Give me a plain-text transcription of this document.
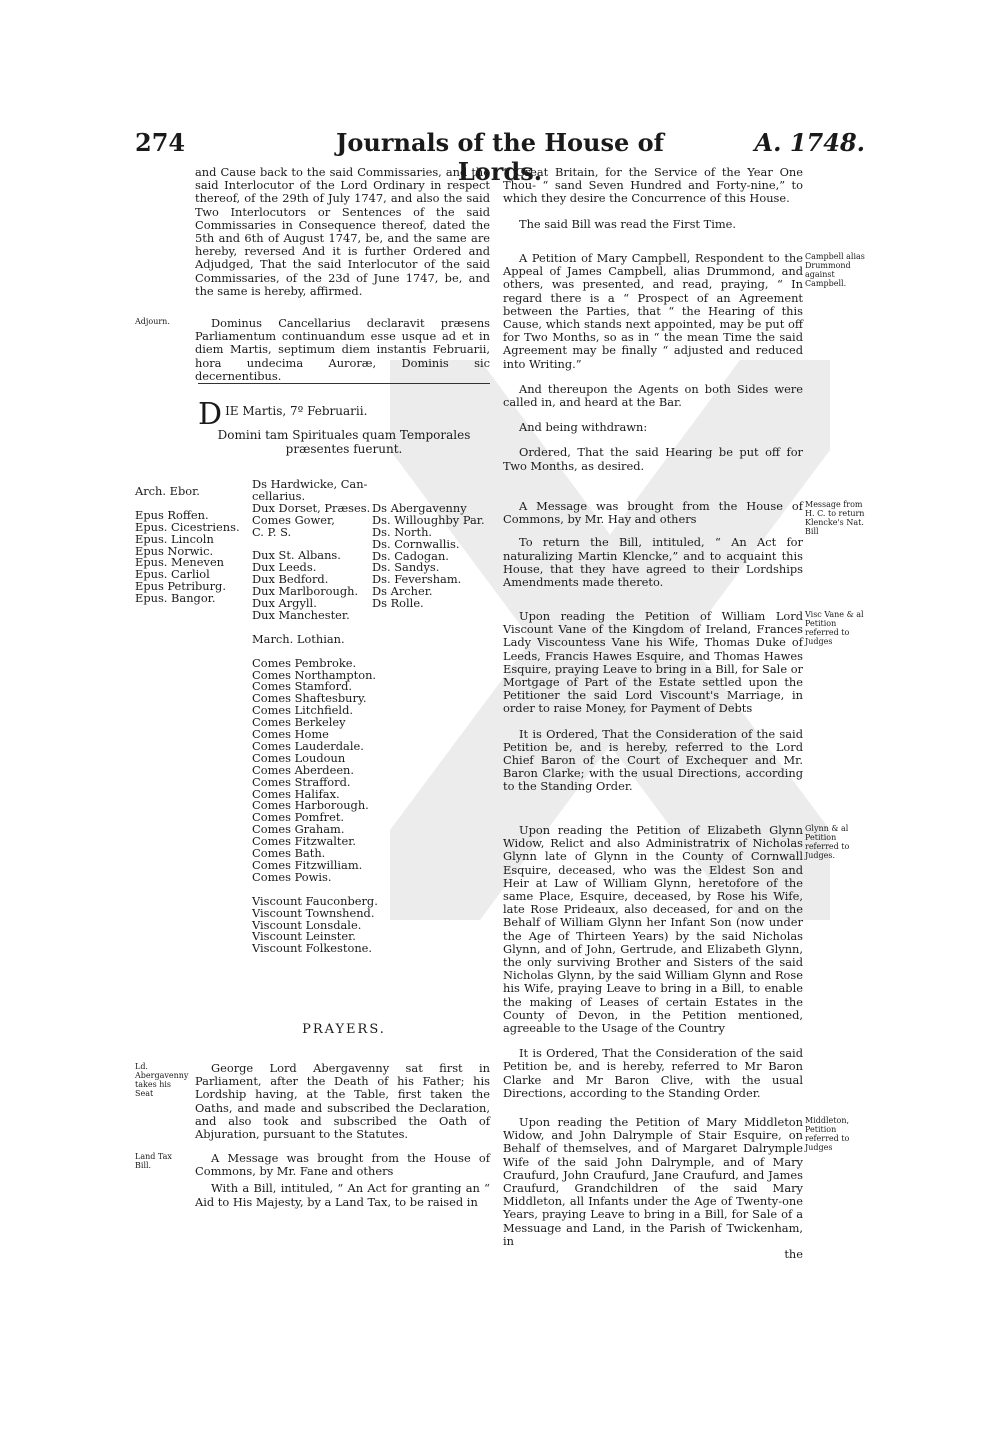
274	Journals of the House of Lords.
A. 1748.

and Cause back to the said Commissaries, and the said Interlocutor of the Lord Ordinary in respect thereof, of the 29th of July 1747, and also the said Two Interlocutors or Sentences of the said Commissaries in Consequence thereof, dated the 5th and 6th of August 1747, be, and the same are hereby, reversed And it is further Ordered and Adjudged, That the said Interlocutor of the said Commissaries, of the 23d of June 1747, be, and the same is hereby, affirmed.

Adjourn.	Dominus Cancellarius declaravit præsens Parliamentum continuandum esse usque ad et in diem Martis, septimum diem instantis Februarii, hora undecima Auroræ, Dominis sic decernentibus.

D IE Martis, 7º Februarii.
Domini tam Spirituales quam Temporales præsentes fuerunt.
Arch. Ebor.

Epus Roffen.
Epus. Cicestriens.
Epus. Lincoln
Epus Norwic.
Epus. Meneven
Epus. Carliol
Epus Petriburg.
Epus. Bangor.
Ds Hardwicke, Can-
cellarius.
Dux Dorset, Præses.
Comes Gower,
C. P. S.

Dux St. Albans.
Dux Leeds.
Dux Bedford.
Dux Marlborough.
Dux Argyll.
Dux Manchester.

March. Lothian.

Comes Pembroke.
Comes Northampton.
Comes Stamford.
Comes Shaftesbury.
Comes Litchfield.
Comes Berkeley
Comes Home
Comes Lauderdale.
Comes Loudoun
Comes Aberdeen.
Comes Strafford.
Comes Halifax.
Comes Harborough.
Comes Pomfret.
Comes Graham.
Comes Fitzwalter.
Comes Bath.
Comes Fitzwilliam.
Comes Powis.

Viscount Fauconberg.
Viscount Townshend.
Viscount Lonsdale.
Viscount Leinster.
Viscount Folkestone.

Ds Abergavenny
Ds. Willoughby Par.
Ds. North.
Ds. Cornwallis.
Ds. Cadogan.
Ds. Sandys.
Ds. Feversham.
Ds Archer.
Ds Rolle.
PRAYERS.
Ld. Abergavenny takes his Seat

George Lord Abergavenny sat first in Parliament, after the Death of his Father; his Lordship having, at the Table, first taken the Oaths, and made and subscribed the Declaration, and also took and subscribed the Oath of Abjuration, pursuant to the Statutes.

Land Tax Bill.

A Message was brought from the House of Commons, by Mr. Fane and others

With a Bill, intituled, “ An Act for granting an “ Aid to His Majesty, by a Land Tax, to be raised in

“ Great Britain, for the Service of the Year One Thou- “ sand Seven Hundred and Forty-nine,” to which they desire the Concurrence of this House.

The said Bill was read the First Time.

Campbell alias Drummond against Campbell.

A Petition of Mary Campbell, Respondent to the Appeal of James Campbell, alias Drummond, and others, was presented, and read, praying, “ In regard there is a “ Prospect of an Agreement between the Parties, that “ the Hearing of this Cause, which stands next appointed, may be put off for Two Months, so as in “ the mean Time the said Agreement may be finally “ adjusted and reduced into Writing.”

And thereupon the Agents on both Sides were called in, and heard at the Bar.

And being withdrawn:

Ordered, That the said Hearing be put off for Two Months, as desired.

Message from H. C. to return Klencke's Nat. Bill

A Message was brought from the House of Commons, by Mr. Hay and others

To return the Bill, intituled, “ An Act for naturalizing Martin Klencke,” and to acquaint this House, that they have agreed to their Lordships Amendments made thereto.

Visc Vane & al Petition referred to Judges

Upon reading the Petition of William Lord Viscount Vane of the Kingdom of Ireland, Frances Lady Viscountess Vane his Wife, Thomas Duke of Leeds, Francis Hawes Esquire, and Thomas Hawes Esquire, praying Leave to bring in a Bill, for Sale or Mortgage of Part of the Estate settled upon the Petitioner the said Lord Viscount's Marriage, in order to raise Money, for Payment of Debts

It is Ordered, That the Consideration of the said Petition be, and is hereby, referred to the Lord Chief Baron of the Court of Exchequer and Mr. Baron Clarke; with the usual Directions, according to the Standing Order.

Glynn & al Petition referred to Judges.

Upon reading the Petition of Elizabeth Glynn Widow, Relict and also Administratrix of Nicholas Glynn late of Glynn in the County of Cornwall Esquire, deceased, who was the Eldest Son and Heir at Law of William Glynn, heretofore of the same Place, Esquire, deceased, by Rose his Wife, late Rose Prideaux, also deceased, for and on the Behalf of William Glynn her Infant Son (now under the Age of Thirteen Years) by the said Nicholas Glynn, and of John, Gertrude, and Elizabeth Glynn, the only surviving Brother and Sisters of the said Nicholas Glynn, by the said William Glynn and Rose his Wife, praying Leave to bring in a Bill, to enable the making of Leases of certain Estates in the County of Devon, in the Petition mentioned, agreeable to the Usage of the Country

It is Ordered, That the Consideration of the said Petition be, and is hereby, referred to Mr Baron Clarke and Mr Baron Clive, with the usual Directions, according to the Standing Order.

Middleton, Petition referred to Judges

Upon reading the Petition of Mary Middleton Widow, and John Dalrymple of Stair Esquire, on Behalf of themselves, and of Margaret Dalrymple Wife of the said John Dalrymple, and of Mary Craufurd, John Craufurd, Jane Craufurd, and James Craufurd, Grandchildren of the said Mary Middleton, all Infants under the Age of Twenty-one Years, praying Leave to bring in a Bill, for Sale of a Messuage and Land, in the Parish of Twickenham, in

the
